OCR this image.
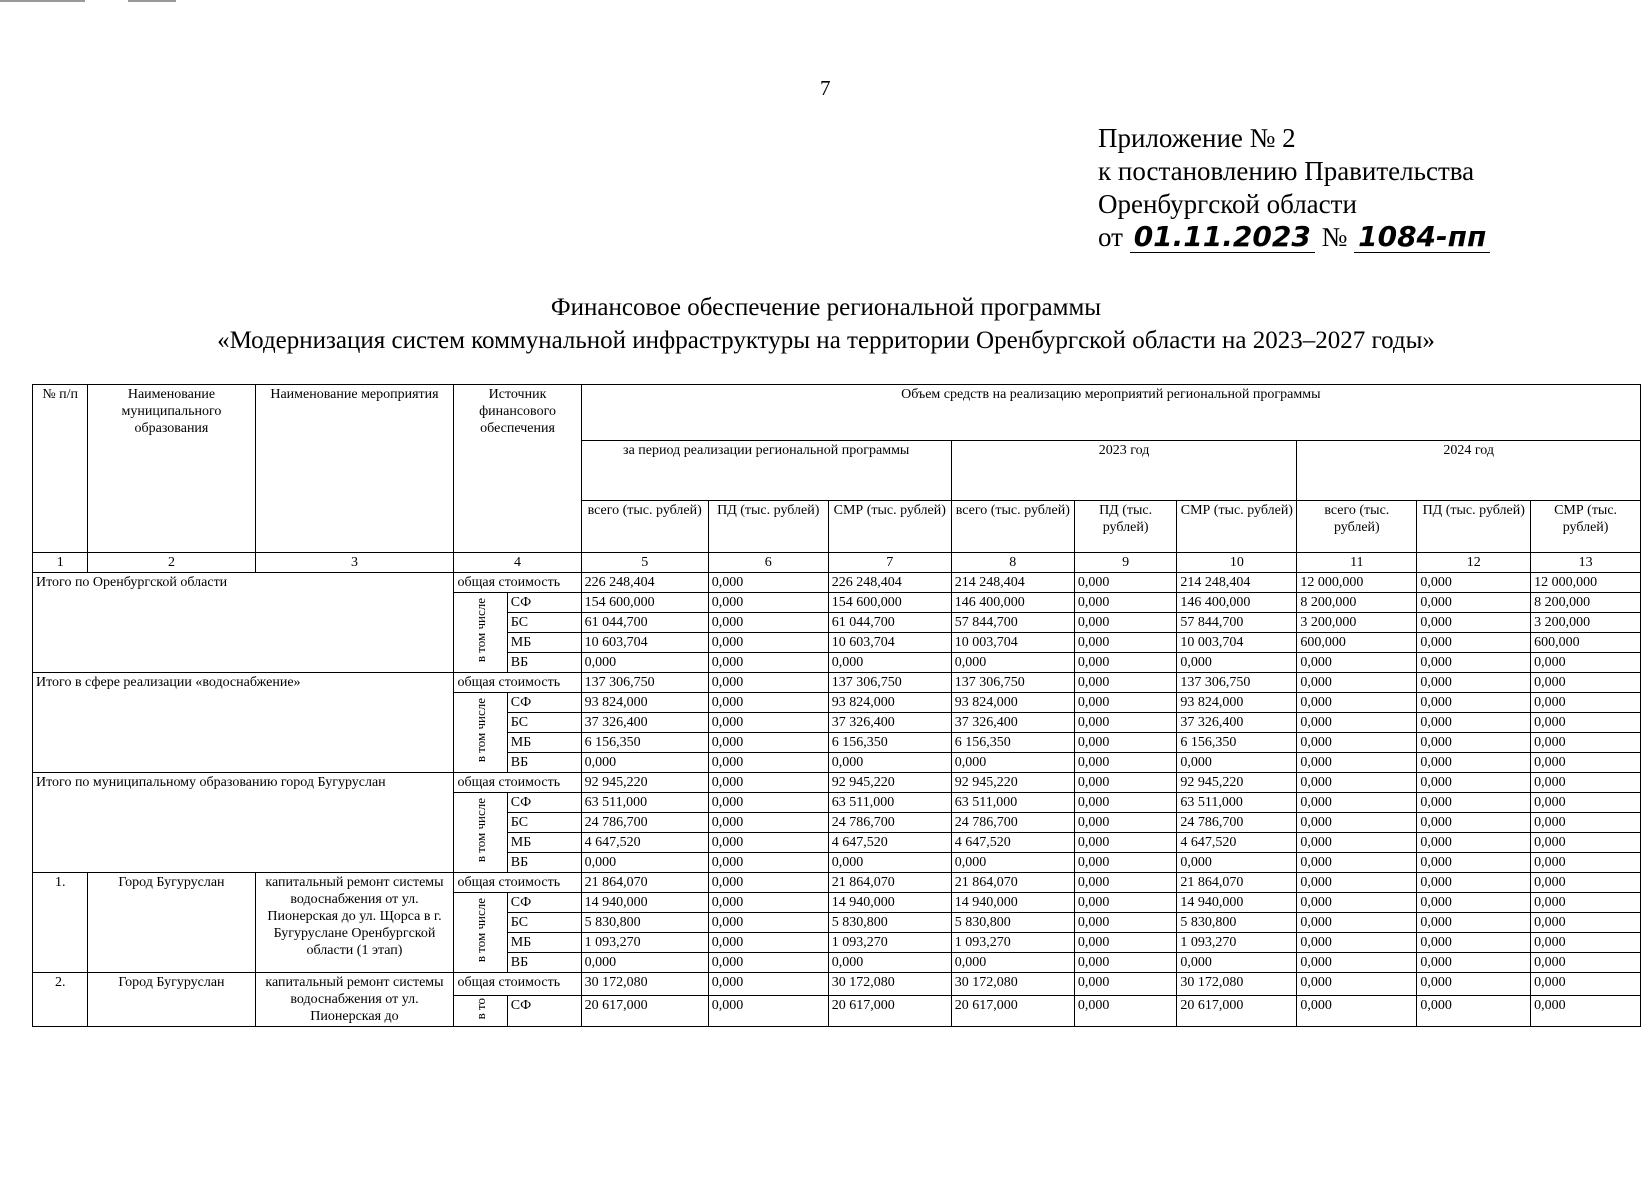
7
Приложение № 2
к постановлению Правительства
Оренбургской области
от 01.11.2023 № 1084-пп
Финансовое обеспечение региональной программы
«Модернизация систем коммунальной инфраструктуры на территории Оренбургской области на 2023–2027 годы»
№ п/п	Наименование муниципального образования	Наименование мероприятия	Источник финансового обеспечения		Объем средств на реализацию мероприятий региональной программы								
					за период реализации региональной программы			2023 год			2024 год		
					всего (тыс. рублей)	ПД (тыс. рублей)	СМР (тыс. рублей)	всего (тыс. рублей)	ПД (тыс. рублей)	СМР (тыс. рублей)	всего (тыс. рублей)	ПД (тыс. рублей)	СМР (тыс. рублей)
1	2	3	4		5	6	7	8	9	10	11	12	13
Итого по Оренбургской области			общая стоимость		226 248,404	0,000	226 248,404	214 248,404	0,000	214 248,404	12 000,000	0,000	12 000,000
			в том числе	СФ	154 600,000	0,000	154 600,000	146 400,000	0,000	146 400,000	8 200,000	0,000	8 200,000
				БС	61 044,700	0,000	61 044,700	57 844,700	0,000	57 844,700	3 200,000	0,000	3 200,000
				МБ	10 603,704	0,000	10 603,704	10 003,704	0,000	10 003,704	600,000	0,000	600,000
				ВБ	0,000	0,000	0,000	0,000	0,000	0,000	0,000	0,000	0,000
Итого в сфере реализации «водоснабжение»			общая стоимость		137 306,750	0,000	137 306,750	137 306,750	0,000	137 306,750	0,000	0,000	0,000
			в том числе	СФ	93 824,000	0,000	93 824,000	93 824,000	0,000	93 824,000	0,000	0,000	0,000
				БС	37 326,400	0,000	37 326,400	37 326,400	0,000	37 326,400	0,000	0,000	0,000
				МБ	6 156,350	0,000	6 156,350	6 156,350	0,000	6 156,350	0,000	0,000	0,000
				ВБ	0,000	0,000	0,000	0,000	0,000	0,000	0,000	0,000	0,000
Итого по муниципальному образованию город Бугуруслан			общая стоимость		92 945,220	0,000	92 945,220	92 945,220	0,000	92 945,220	0,000	0,000	0,000
			в том числе	СФ	63 511,000	0,000	63 511,000	63 511,000	0,000	63 511,000	0,000	0,000	0,000
				БС	24 786,700	0,000	24 786,700	24 786,700	0,000	24 786,700	0,000	0,000	0,000
				МБ	4 647,520	0,000	4 647,520	4 647,520	0,000	4 647,520	0,000	0,000	0,000
				ВБ	0,000	0,000	0,000	0,000	0,000	0,000	0,000	0,000	0,000
1.	Город Бугуруслан	капитальный ремонт системы водоснабжения от ул. Пионерская до ул. Щорса в г. Бугуруслане Оренбургской области (1 этап)	общая стоимость		21 864,070	0,000	21 864,070	21 864,070	0,000	21 864,070	0,000	0,000	0,000
			в том числе	СФ	14 940,000	0,000	14 940,000	14 940,000	0,000	14 940,000	0,000	0,000	0,000
				БС	5 830,800	0,000	5 830,800	5 830,800	0,000	5 830,800	0,000	0,000	0,000
				МБ	1 093,270	0,000	1 093,270	1 093,270	0,000	1 093,270	0,000	0,000	0,000
				ВБ	0,000	0,000	0,000	0,000	0,000	0,000	0,000	0,000	0,000
2.	Город Бугуруслан	капитальный ремонт системы водоснабжения от ул. Пионерская до	общая стоимость		30 172,080	0,000	30 172,080	30 172,080	0,000	30 172,080	0,000	0,000	0,000
			в то	СФ	20 617,000	0,000	20 617,000	20 617,000	0,000	20 617,000	0,000	0,000	0,000
